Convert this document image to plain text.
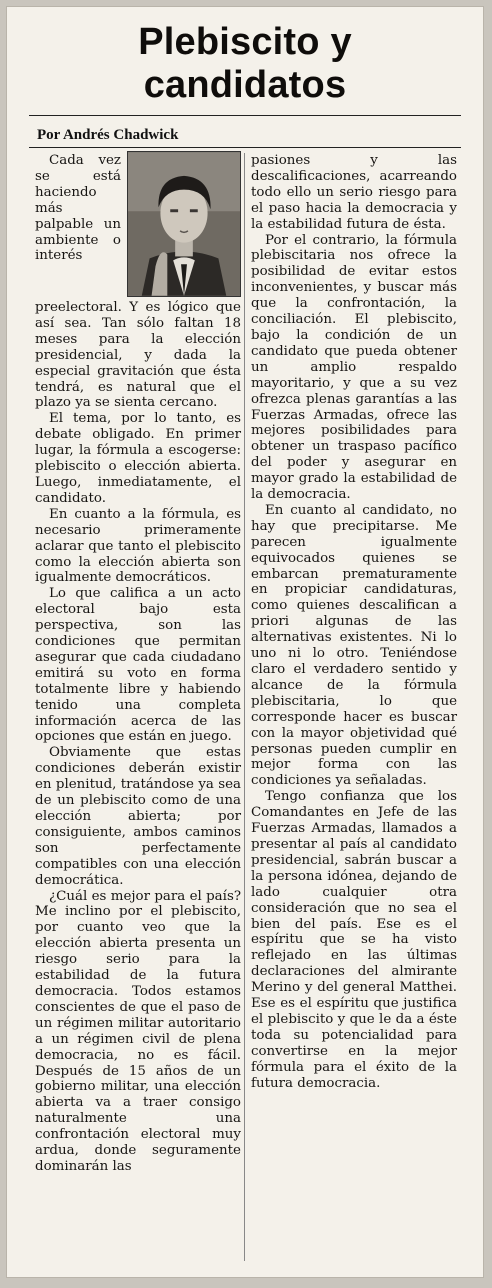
Plebiscito y
candidatos
Por Andrés Chadwick

Cada vez se está haciendo más palpable un ambiente o interés preelectoral. Y es lógico que así sea. Tan sólo faltan 18 meses para la elección presidencial, y dada la especial gravitación que ésta tendrá, es natural que el plazo ya se sienta cercano.

El tema, por lo tanto, es debate obligado. En primer lugar, la fórmula a escogerse: plebiscito o elección abierta. Luego, inmediatamente, el candidato.

En cuanto a la fórmula, es necesario primeramente aclarar que tanto el plebiscito como la elección abierta son igualmente democráticos.

Lo que califica a un acto electoral bajo esta perspectiva, son las condiciones que permitan asegurar que cada ciudadano emitirá su voto en forma totalmente libre y habiendo tenido una completa información acerca de las opciones que están en juego.

Obviamente que estas condiciones deberán existir en plenitud, tratándose ya sea de un plebiscito como de una elección abierta; por consiguiente, ambos caminos son perfectamente compatibles con una elección democrática.

¿Cuál es mejor para el país? Me inclino por el plebiscito, por cuanto veo que la elección abierta presenta un riesgo serio para la estabilidad de la futura democracia. Todos estamos conscientes de que el paso de un régimen militar autoritario a un régimen civil de plena democracia, no es fácil. Después de 15 años de un gobierno militar, una elección abierta va a traer consigo naturalmente una confrontación electoral muy ardua, donde seguramente dominarán las

pasiones y las descalificaciones, acarreando todo ello un serio riesgo para el paso hacia la democracia y la estabilidad futura de ésta.

Por el contrario, la fórmula plebiscitaria nos ofrece la posibilidad de evitar estos inconvenientes, y buscar más que la confrontación, la conciliación. El plebiscito, bajo la condición de un candidato que pueda obtener un amplio respaldo mayoritario, y que a su vez ofrezca plenas garantías a las Fuerzas Armadas, ofrece las mejores posibilidades para obtener un traspaso pacífico del poder y asegurar en mayor grado la estabilidad de la democracia.

En cuanto al candidato, no hay que precipitarse. Me parecen igualmente equivocados quienes se embarcan prematuramente en propiciar candidaturas, como quienes descalifican a priori algunas de las alternativas existentes. Ni lo uno ni lo otro. Teniéndose claro el verdadero sentido y alcance de la fórmula plebiscitaria, lo que corresponde hacer es buscar con la mayor objetividad qué personas pueden cumplir en mejor forma con las condiciones ya señaladas.

Tengo confianza que los Comandantes en Jefe de las Fuerzas Armadas, llamados a presentar al país al candidato presidencial, sabrán buscar a la persona idónea, dejando de lado cualquier otra consideración que no sea el bien del país. Ese es el espíritu que se ha visto reflejado en las últimas declaraciones del almirante Merino y del general Matthei. Ese es el espíritu que justifica el plebiscito y que le da a éste toda su potencialidad para convertirse en la mejor fórmula para el éxito de la futura democracia.
